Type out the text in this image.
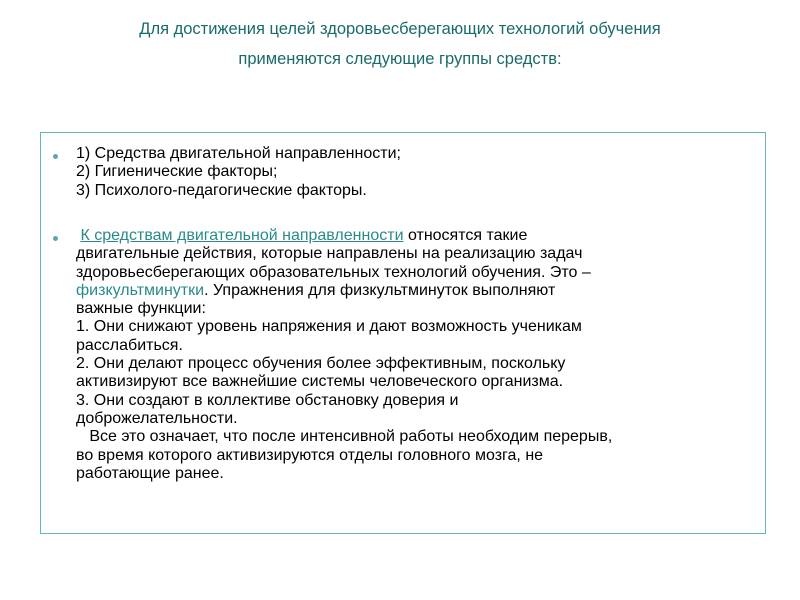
Для достижения целей здоровьесберегающих технологий обучения
применяются следующие группы средств:
1) Средства двигательной направленности;
2) Гигиенические факторы;
3) Психолого-педагогические факторы.
К средствам двигательной направленности относятся такие
двигательные действия, которые направлены на реализацию задач
здоровьесберегающих образовательных технологий обучения. Это –
физкультминутки. Упражнения для физкультминуток выполняют
важные функции:
1. Они снижают уровень напряжения и дают возможность ученикам
расслабиться.
2. Они делают процесс обучения более эффективным, поскольку
активизируют все важнейшие системы человеческого организма.
3. Они создают в коллективе обстановку доверия и
доброжелательности.
Все это означает, что после интенсивной работы необходим перерыв,
во время которого активизируются отделы головного мозга, не
работающие ранее.
